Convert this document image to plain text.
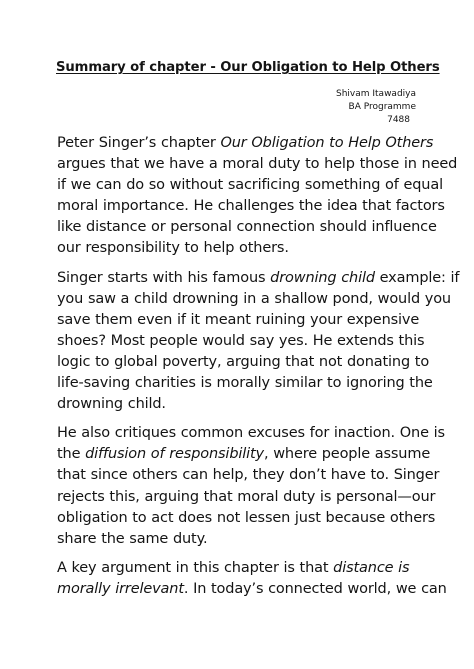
Summary of chapter - Our Obligation to Help Others
Shivam Itawadiya
BA Programme
7488

Peter Singer’s chapter Our Obligation to Help Others
argues that we have a moral duty to help those in need
if we can do so without sacrificing something of equal
moral importance. He challenges the idea that factors
like distance or personal connection should influence
our responsibility to help others.

Singer starts with his famous drowning child example: if
you saw a child drowning in a shallow pond, would you
save them even if it meant ruining your expensive
shoes? Most people would say yes. He extends this
logic to global poverty, arguing that not donating to
life-saving charities is morally similar to ignoring the
drowning child.

He also critiques common excuses for inaction. One is
the diffusion of responsibility, where people assume
that since others can help, they don’t have to. Singer
rejects this, arguing that moral duty is personal—our
obligation to act does not lessen just because others
share the same duty.

A key argument in this chapter is that distance is
morally irrelevant. In today’s connected world, we can
